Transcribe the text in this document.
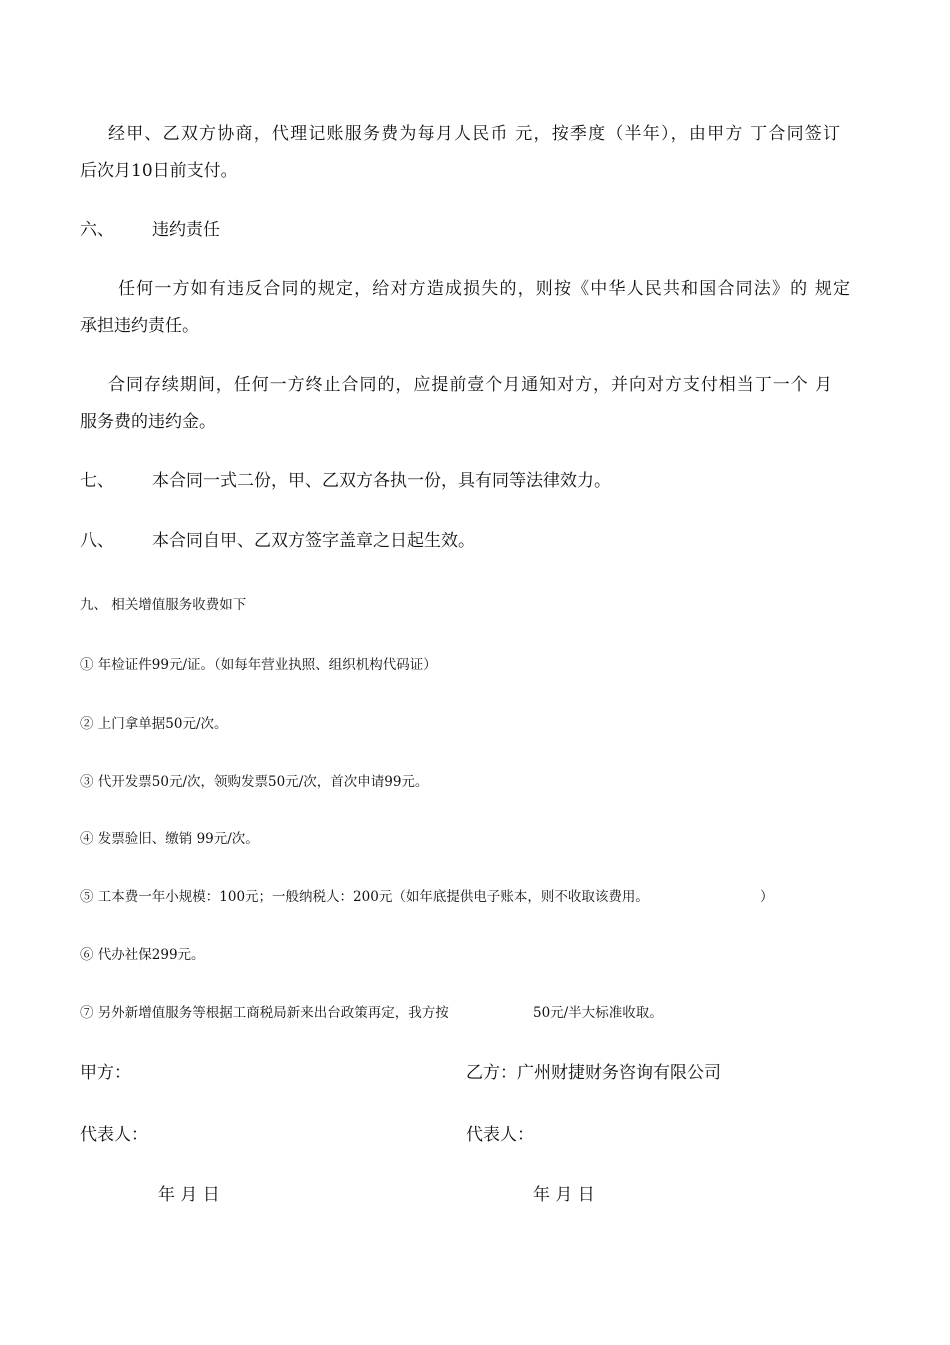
经甲、乙双方协商，代理记账服务费为每月人民币 元，按季度（半年），由甲方 丁合同签订
后次月10日前支付。
六、 违约责任
任何一方如有违反合同的规定，给对方造成损失的，则按《中华人民共和国合同法》的 规定
承担违约责任。
合同存续期间，任何一方终止合同的，应提前壹个月通知对方，并向对方支付相当丁一个 月
服务费的违约金。
七、 本合同一式二份，甲、乙双方各执一份，具有同等法律效力。
八、 本合同自甲、乙双方签字盖章之日起生效。
九、 相关增值服务收费如下
① 年检证件99元/证。（如每年营业执照、组织机构代码证）
② 上门拿单据50元/次。
③ 代开发票50元/次，领购发票50元/次，首次申请99元。
④ 发票验旧、缴销 99元/次。
⑤ 工本费一年小规模：100元；一般纳税人：200元（如年底提供电子账本，则不收取该费用。	）
⑥ 代办社保299元。
⑦ 另外新增值服务等根据工商税局新来出台政策再定，我方按	50元/半大标准收取。
甲方：	乙方：广州财捷财务咨询有限公司
代表人：	代表人：
年 月 日	年 月 日
